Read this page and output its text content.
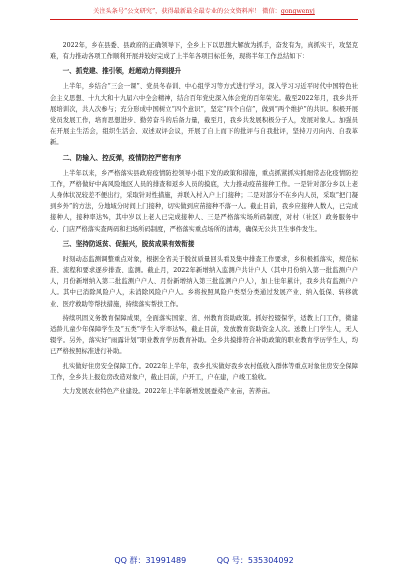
关注头条号“公文研究”，获得最新最全最专业的公文资料库！ 微信：gongwenyj

2022年，乡在县委、县政府的正确领导下，全乡上下以思想大解放为抓手，奋发有为，真抓实干，攻坚克难，有力推动各项工作顺利开展并较好完成了上半年各项目标任务，现将半年工作总结如下：

一、抓党建、推引领，赶超动力得到提升

上半年，乡结合“三会一课”、党员冬春训、中心组学习等方式进行学习，深入学习习近平时代中国特色社会主义思想、十九大和十九届六中全会精神，结合百年党史深入体会党的百年荣光。截至2022年月，我乡共开展培训次，共人次参与；充分形成中国树立“四个意识”，坚定“四个自信”，做到“两个维护”的共识。积极开展党员发展工作，培育思想进步、勤劳奋斗的后备力量，截至月，我乡共发展积极分子人，发展对象人。加强员在开展主生活会，组织生活会、双述双评会议，开展了自上而下的批评与自我批评，坚持刀刃向内、自我革新。

二、防输入、控反弹，疫情防控严密有序

上半年以来，乡严格落实县政府疫情防控领导小组下发的政策和措施，重点抓紧抓实抓细常态化疫情防控工作，严格做好中高风险地区人员的排查和返乡人员的摸底，大力推动疫苗接种工作。一是针对部分乡以上老人身体状况较差不便出行，采取针对性措施，并联入村入户上门接种；二是对部分不在乡内人员，采取“把门凝到乡外”的方法，分地域分时间上门接种，切实做到应苗接种不落一人。截止目前，我乡应接种人数人，已完成接种人，接种率达%，其中岁以上老人已完成接种人、三是严格落实场所码制度，对村（社区）政务服务中心、门店严格落实查两码和扫场所码制度，严格落实重点场所的清毒，确保无公共卫生事件发生。

三、坚持防返贫、促振兴，脱贫成果有效衔接

时刻动态监测调整重点对象，根据全省关于脱贫质量回头看及集中排查工作要求，乡积极抓落实，规范标准、流程和要求逐步排查、监测。截止月，2022年新增纳入监测户共计户人（其中月份纳入第一批监测户户人，月份新增纳入第二批监测户户人、月份新增纳入第三批监测户户人），加上往年累计，我乡共有监测户户人。其中已消除风险户人，未消除风险户户人。乡将按照风险户类型分类通过发展产业、纳入低保、转移就业、医疗救助等帮扶措施，持续落实帮扶工作。

持续巩固义务教育保障成果，全面落实国家、省、州教育资助政策。抓好控辍保学，适教上门工作，微建适龄儿童少年保障学生及“五类”学生入学率达%，截止目前，发放教育资助资金人次。送教上门学生人，无人辍学。另外，落实好“雨露计划”职业教育学历教育补助。全乡共摸排符合补助政策的职业教育学历学生人，均已严格按照标准进行补助。

扎实做好住房安全保障工作。2022年上半年，我乡扎实做好我乡农村低收入群体等重点对象住房安全保障工作，全乡共上报危房改造对象户，截止目前，户开工，户在建，户竣工验收。

大力发展农业特色产业建设。2022年上半年新增发展蚕桑产业亩，苦养亩。

QQ 群：31991489	QQ 号：535304092
